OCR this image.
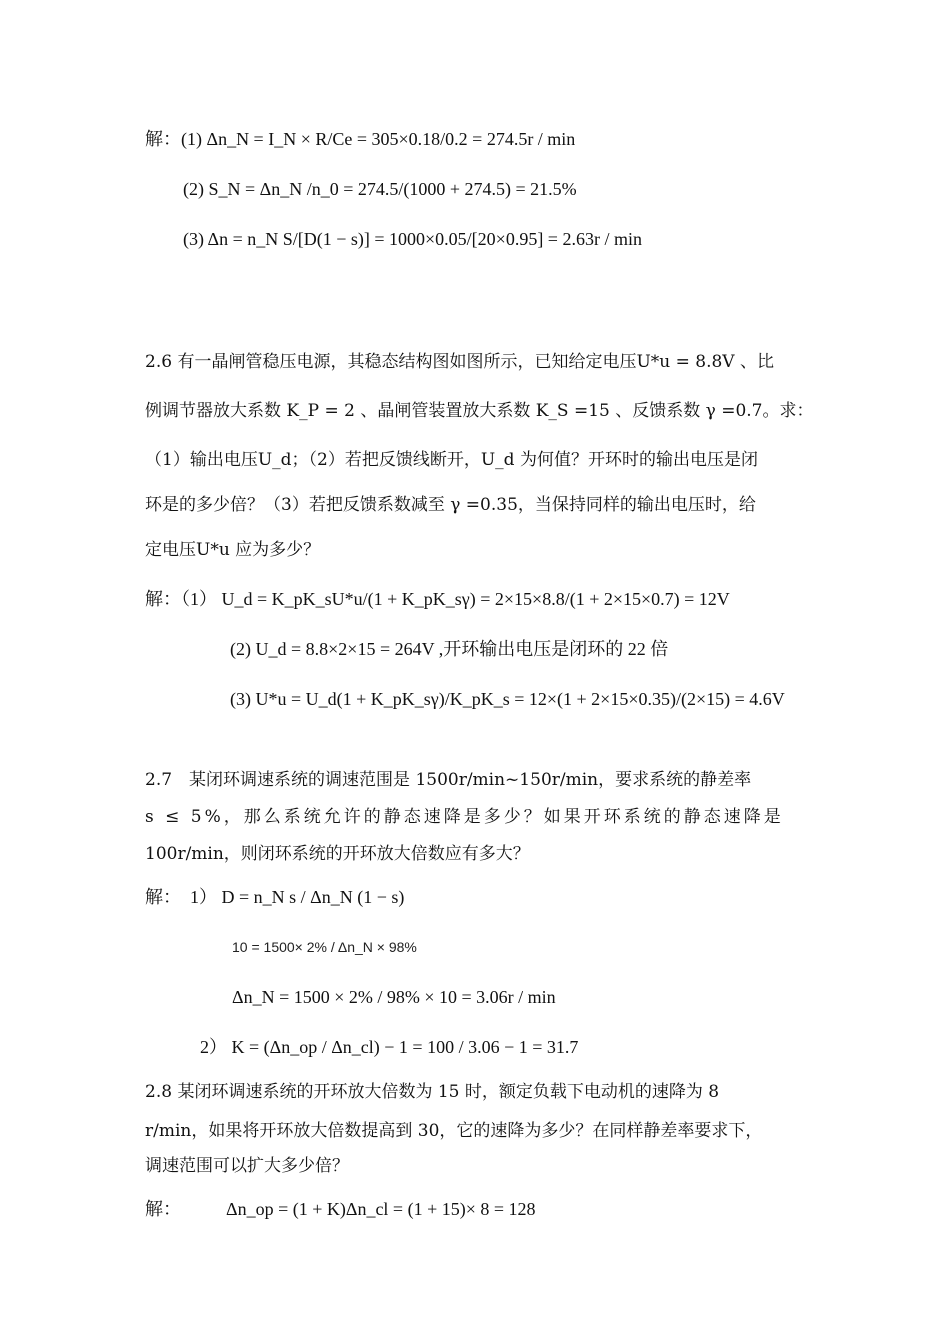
解：(1) Δn_N = I_N × R/Ce = 305×0.18/0.2 = 274.5r / min
(2) S_N = Δn_N /n_0 = 274.5/(1000 + 274.5) = 21.5%
(3) Δn = n_N S/[D(1 − s)] = 1000×0.05/[20×0.95] = 2.63r / min
2.6 有一晶闸管稳压电源，其稳态结构图如图所示，已知给定电压U*u = 8.8V 、比
例调节器放大系数 K_P = 2 、晶闸管装置放大系数 K_S =15 、反馈系数 γ =0.7。求：
（1）输出电压U_d；（2）若把反馈线断开，U_d 为何值？开环时的输出电压是闭
环是的多少倍？（3）若把反馈系数减至 γ =0.35，当保持同样的输出电压时，给
定电压U*u 应为多少？
解：（1） U_d = K_pK_sU*u/(1 + K_pK_sγ) = 2×15×8.8/(1 + 2×15×0.7) = 12V
(2) U_d = 8.8×2×15 = 264V ,开环输出电压是闭环的 22 倍
(3) U*u = U_d(1 + K_pK_sγ)/K_pK_s = 12×(1 + 2×15×0.35)/(2×15) = 4.6V
2.7　某闭环调速系统的调速范围是 1500r/min~150r/min，要求系统的静差率
s ≤ 5%，那么系统允许的静态速降是多少？如果开环系统的静态速降是
100r/min，则闭环系统的开环放大倍数应有多大？
解：　1） D = n_N s / Δn_N (1 − s)
10 = 1500× 2% / Δn_N × 98%
Δn_N = 1500 × 2% / 98% × 10 = 3.06r / min
2） K = (Δn_op / Δn_cl) − 1 = 100 / 3.06 − 1 = 31.7
2.8 某闭环调速系统的开环放大倍数为 15 时，额定负载下电动机的速降为 8
r/min，如果将开环放大倍数提高到 30，它的速降为多少？在同样静差率要求下，
调速范围可以扩大多少倍？
解：　　　Δn_op = (1 + K)Δn_cl = (1 + 15)× 8 = 128
